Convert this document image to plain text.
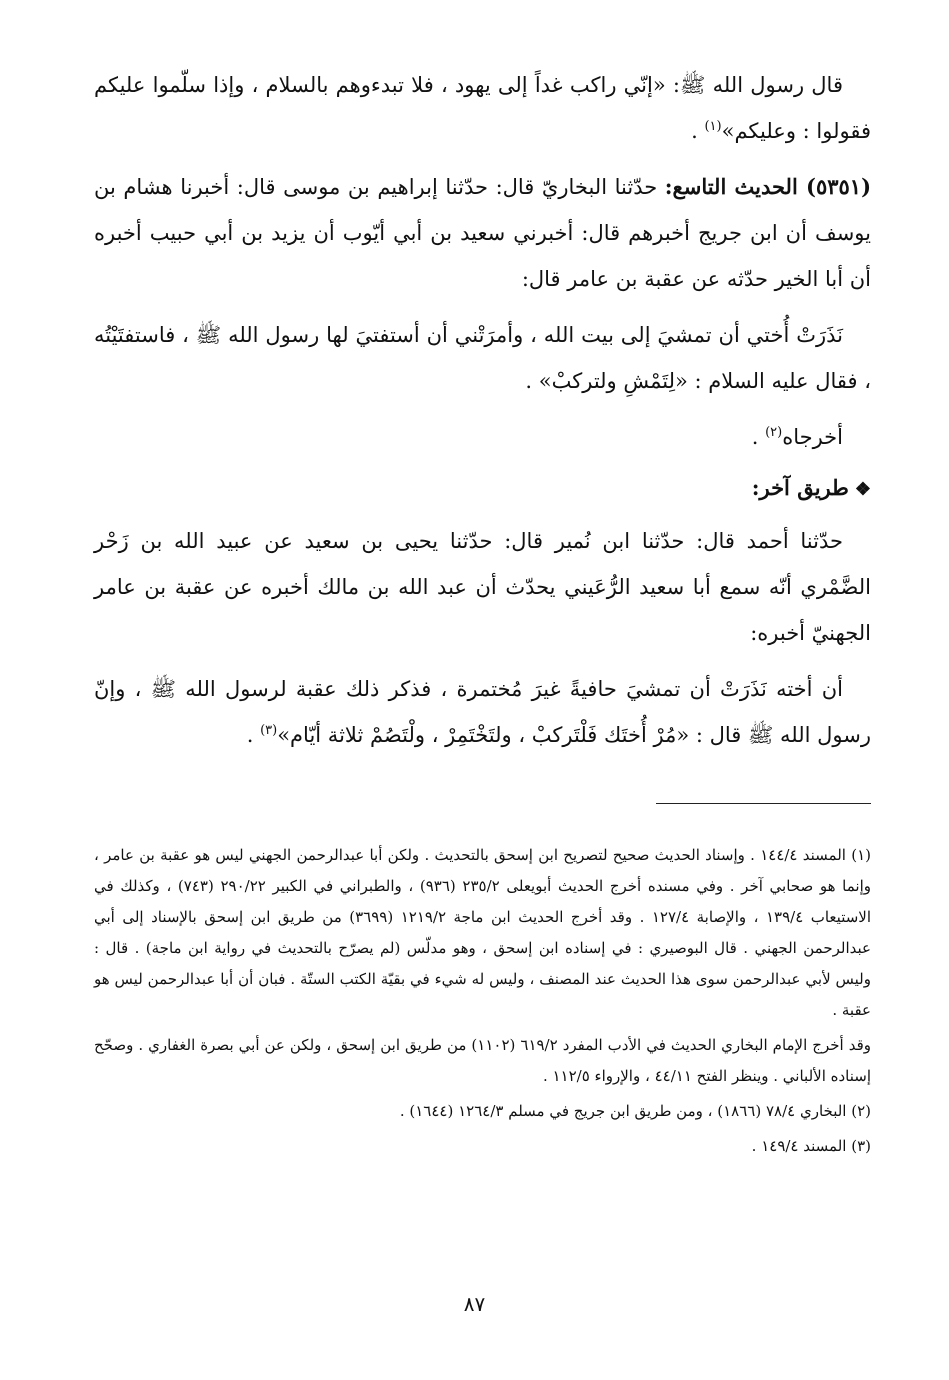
قال رسول الله ﷺ: «إنّي راكب غداً إلى يهود ، فلا تبدءوهم بالسلام ، وإذا سلّموا عليكم فقولوا : وعليكم»$^{(١)}$ .

(٥٣٥١) الحديث التاسع: حدّثنا البخاريّ قال: حدّثنا إبراهيم بن موسى قال: أخبرنا هشام بن يوسف أن ابن جريج أخبرهم قال: أخبرني سعيد بن أبي أيّوب أن يزيد بن أبي حبيب أخبره أن أبا الخير حدّثه عن عقبة بن عامر قال:

نَذَرَتْ أُختي أن تمشيَ إلى بيت الله ، وأمرَتْني أن أستفتيَ لها رسول الله ﷺ ، فاستفتَيْتُه ، فقال عليه السلام : «لِتَمْشِ ولتركبْ» .

أخرجاه$^{(٢)}$ .

❖طريق آخر:

حدّثنا أحمد قال: حدّثنا ابن نُمير قال: حدّثنا يحيى بن سعيد عن عبيد الله بن زَحْر الضَّمْري أنّه سمع أبا سعيد الرُّعَيني يحدّث أن عبد الله بن مالك أخبره عن عقبة بن عامر الجهنيّ أخبره:

أن أخته نَذَرَتْ أن تمشيَ حافيةً غيرَ مُختمرة ، فذكر ذلك عقبة لرسول الله ﷺ ، وإنّ رسول الله ﷺ قال : «مُرْ أُختَك فَلْتَركبْ ، ولتَخْتَمِرْ ، ولْتَصُمْ ثلاثة أيّام»$^{(٣)}$ .

(١) المسند ١٤٤/٤ . وإسناد الحديث صحيح لتصريح ابن إسحق بالتحديث . ولكن أبا عبدالرحمن الجهني ليس هو عقبة بن عامر ، وإنما هو صحابي آخر . وفي مسنده أخرج الحديث أبويعلى ٢٣٥/٢ (٩٣٦) ، والطبراني في الكبير ٢٩٠/٢٢ (٧٤٣) ، وكذلك في الاستيعاب ١٣٩/٤ ، والإصابة ١٢٧/٤ . وقد أخرج الحديث ابن ماجة ١٢١٩/٢ (٣٦٩٩) من طريق ابن إسحق بالإسناد إلى أبي عبدالرحمن الجهني . قال البوصيري : في إسناده ابن إسحق ، وهو مدلّس (لم يصرّح بالتحديث في رواية ابن ماجة) . قال : وليس لأبي عبدالرحمن سوى هذا الحديث عند المصنف ، وليس له شيء في بقيّة الكتب الستّة . فبان أن أبا عبدالرحمن ليس هو عقبة .

وقد أخرج الإمام البخاري الحديث في الأدب المفرد ٦١٩/٢ (١١٠٢) من طريق ابن إسحق ، ولكن عن أبي بصرة الغفاري . وصحّح إسناده الألباني . وينظر الفتح ٤٤/١١ ، والإرواء ١١٢/٥ .

(٢) البخاري ٧٨/٤ (١٨٦٦) ، ومن طريق ابن جريج في مسلم ١٢٦٤/٣ (١٦٤٤) .

(٣) المسند ١٤٩/٤ .

٨٧
